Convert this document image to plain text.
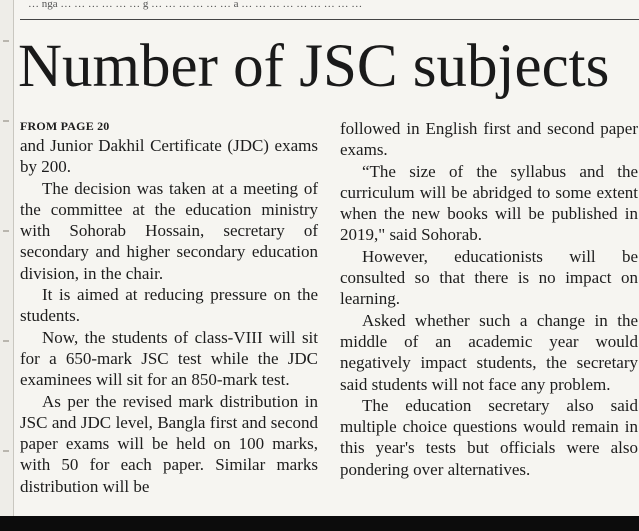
… nga … … … … … … g … … … … … … a … … … … … … … … …
Number of JSC subjects
FROM PAGE 20

and Junior Dakhil Certificate (JDC) exams by 200.

The decision was taken at a meeting of the committee at the education ministry with Sohorab Hossain, secretary of secondary and higher secondary education division, in the chair.

It is aimed at reducing pressure on the students.

Now, the students of class-VIII will sit for a 650-mark JSC test while the JDC examinees will sit for an 850-mark test.

As per the revised mark distribution in JSC and JDC level, Bangla first and second paper exams will be held on 100 marks, with 50 for each paper. Similar marks distribution will be

followed in English first and second paper exams.

“The size of the syllabus and the curriculum will be abridged to some extent when the new books will be published in 2019," said Sohorab.

However, educationists will be consulted so that there is no impact on learning.

Asked whether such a change in the middle of an academic year would negatively impact students, the secretary said students will not face any problem.

The education secretary also said multiple choice questions would remain in this year's tests but officials were also pondering over alternatives.
